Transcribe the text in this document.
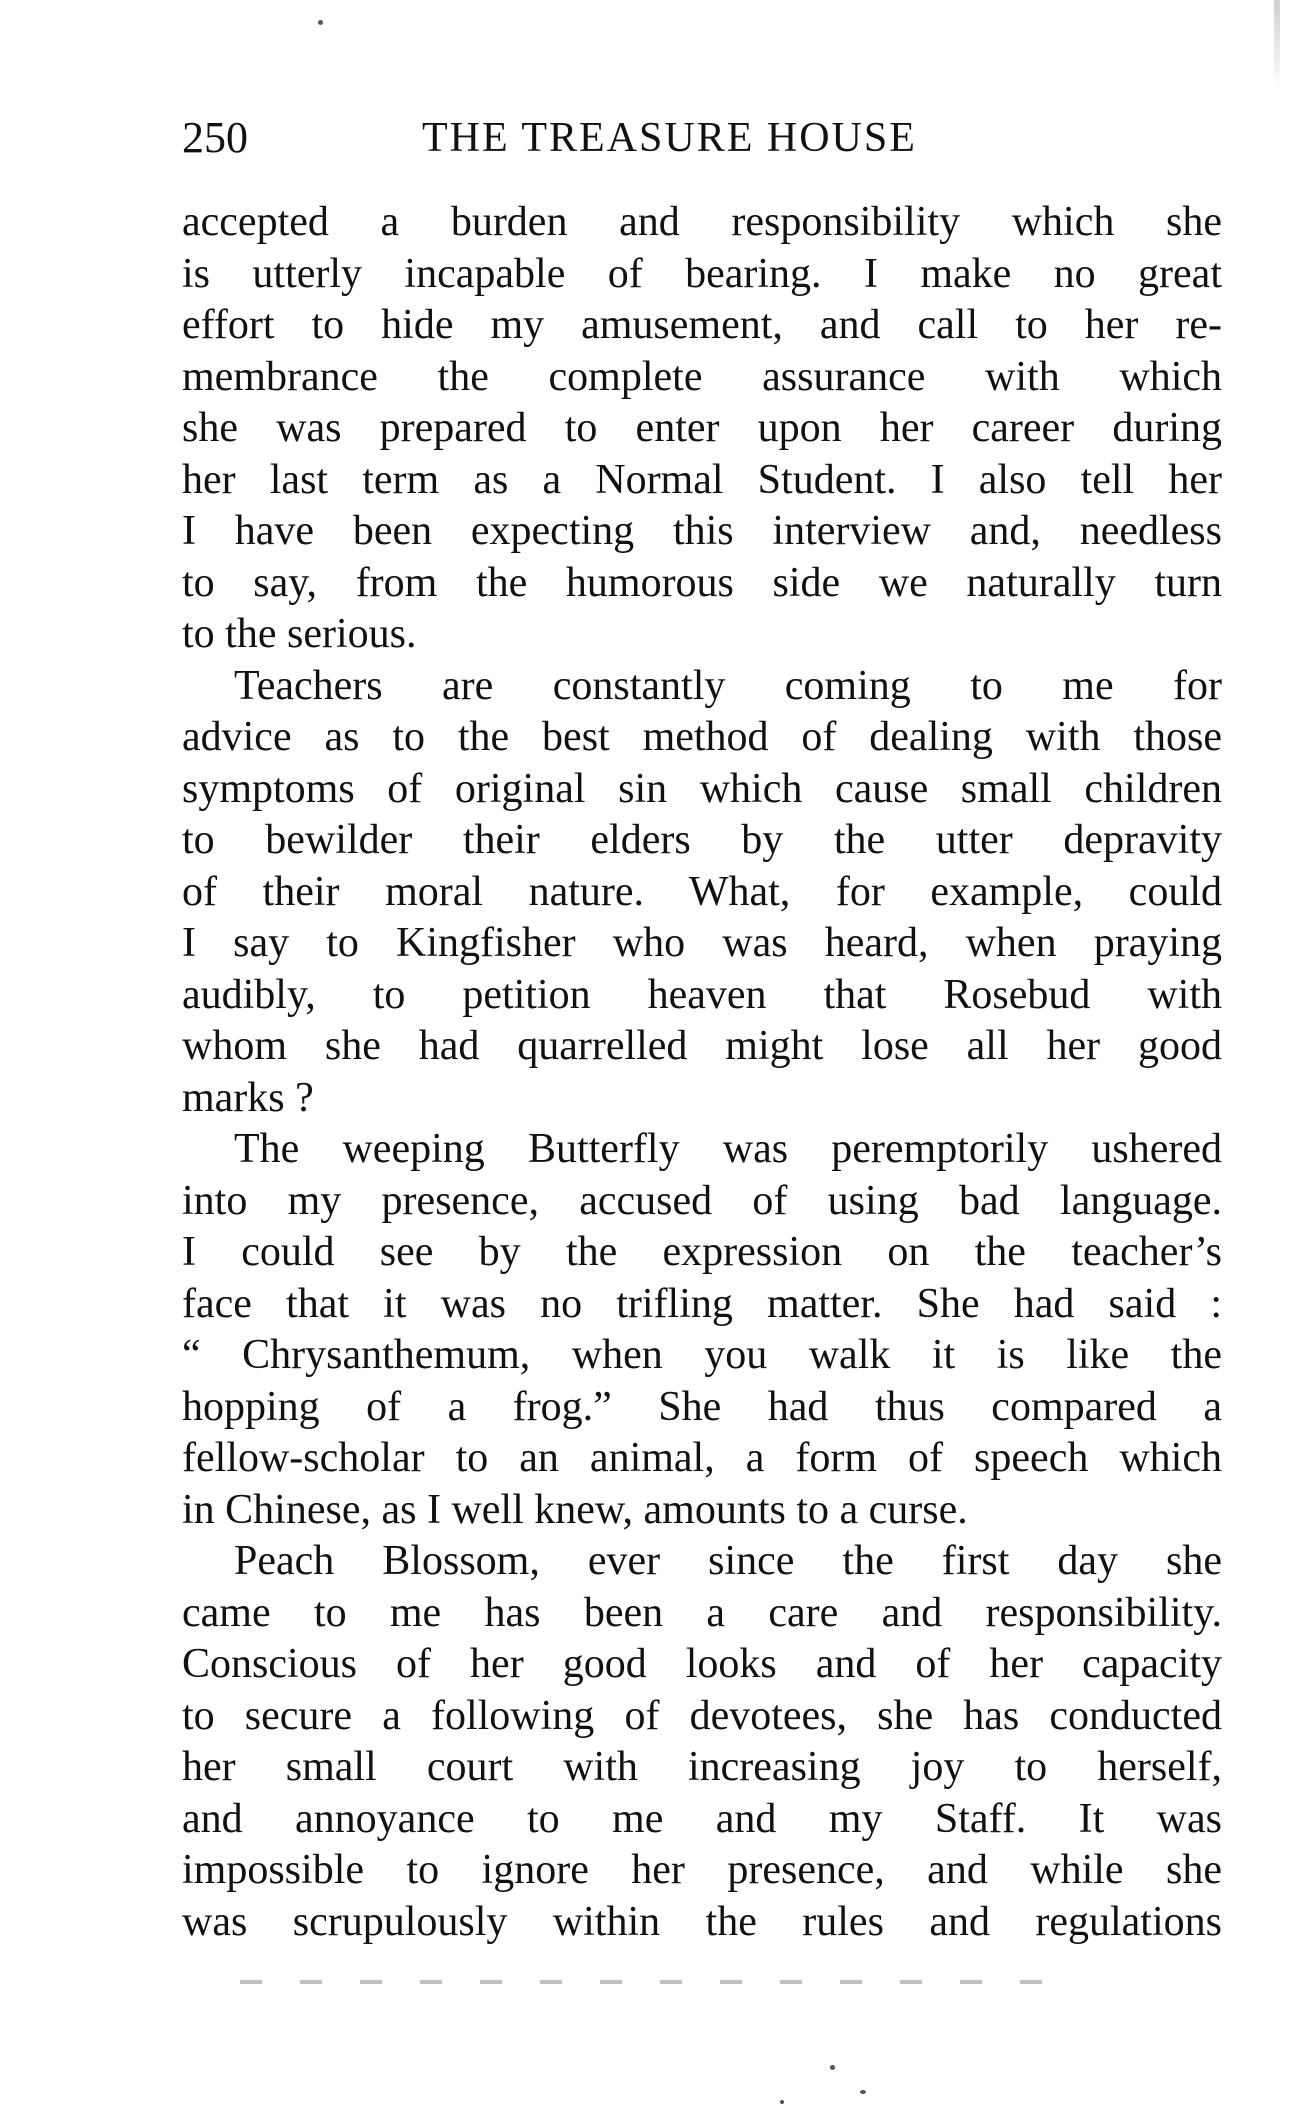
250	THE TREASURE HOUSE
accepted a burden and responsibility which she
is utterly incapable of bearing. I make no great
effort to hide my amusement, and call to her re-
membrance the complete assurance with which
she was prepared to enter upon her career during
her last term as a Normal Student. I also tell her
I have been expecting this interview and, needless
to say, from the humorous side we naturally turn
to the serious.
Teachers are constantly coming to me for
advice as to the best method of dealing with those
symptoms of original sin which cause small children
to bewilder their elders by the utter depravity
of their moral nature. What, for example, could
I say to Kingfisher who was heard, when praying
audibly, to petition heaven that Rosebud with
whom she had quarrelled might lose all her good
marks ?
The weeping Butterfly was peremptorily ushered
into my presence, accused of using bad language.
I could see by the expression on the teacher’s
face that it was no trifling matter. She had said :
“ Chrysanthemum, when you walk it is like the
hopping of a frog.” She had thus compared a
fellow-scholar to an animal, a form of speech which
in Chinese, as I well knew, amounts to a curse.
Peach Blossom, ever since the first day she
came to me has been a care and responsibility.
Conscious of her good looks and of her capacity
to secure a following of devotees, she has conducted
her small court with increasing joy to herself,
and annoyance to me and my Staff. It was
impossible to ignore her presence, and while she
was scrupulously within the rules and regulations
